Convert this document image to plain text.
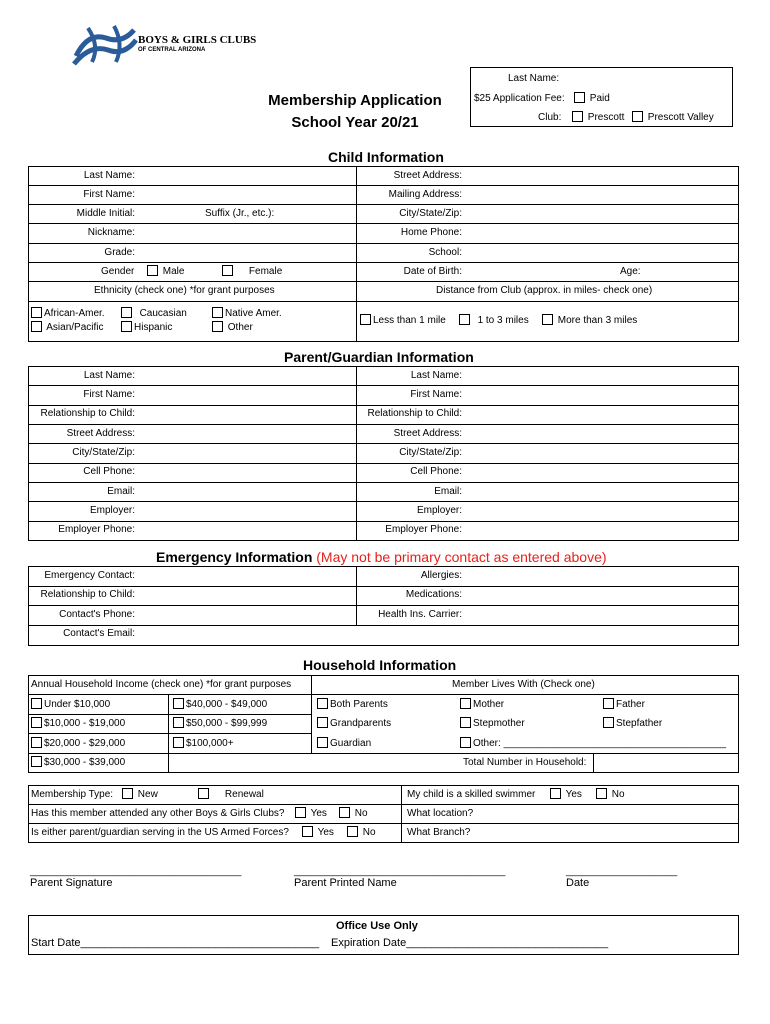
BOYS & GIRLS CLUBS
OF CENTRAL ARIZONA
Membership Application
School Year 20/21
Last Name:
$25 Application Fee:	Paid
Club:	Prescott	Prescott Valley
Child Information
Last Name:
First Name:
Middle Initial:	Suffix (Jr., etc.):
Nickname:
Grade:
Gender	Male	Female
Ethnicity (check one) *for grant purposes
African-Amer.	Caucasian	Native Amer.
Asian/Pacific	Hispanic	Other
Street Address:
Mailing Address:
City/State/Zip:
Home Phone:
School:
Date of Birth:	Age:
Distance from Club (approx. in miles- check one)
Less than 1 mile	1 to 3 miles	More than 3 miles
Parent/Guardian Information
Last Name:
First Name:
Relationship to Child:
Street Address:
City/State/Zip:
Cell Phone:
Email:
Employer:
Employer Phone:
Last Name:
First Name:
Relationship to Child:
Street Address:
City/State/Zip:
Cell Phone:
Email:
Employer:
Employer Phone:
Emergency Information (May not be primary contact as entered above)
Emergency Contact:
Relationship to Child:
Contact's Phone:
Contact's Email:
Allergies:
Medications:
Health Ins. Carrier:
Household Information
Annual Household Income (check one) *for grant purposes
Under $10,000
$10,000 - $19,000
$20,000 - $29,000
$30,000 - $39,000
$40,000 - $49,000
$50,000 - $99,999
$100,000+
Member Lives With (Check one)
Both Parents
Grandparents
Guardian
Mother
Stepmother
Other: ________________________________________
Father
Stepfather
Total Number in Household:
Membership Type:	New	Renewal
Has this member attended any other Boys & Girls Clubs?	Yes	No
Is either parent/guardian serving in the US Armed Forces?	Yes	No
My child is a skilled swimmer	Yes	No
What location?
What Branch?
______________________________________	______________________________________	____________________
Parent Signature	Parent Printed Name	Date
Office Use Only
Start Date_______________________________________ Expiration Date_________________________________
